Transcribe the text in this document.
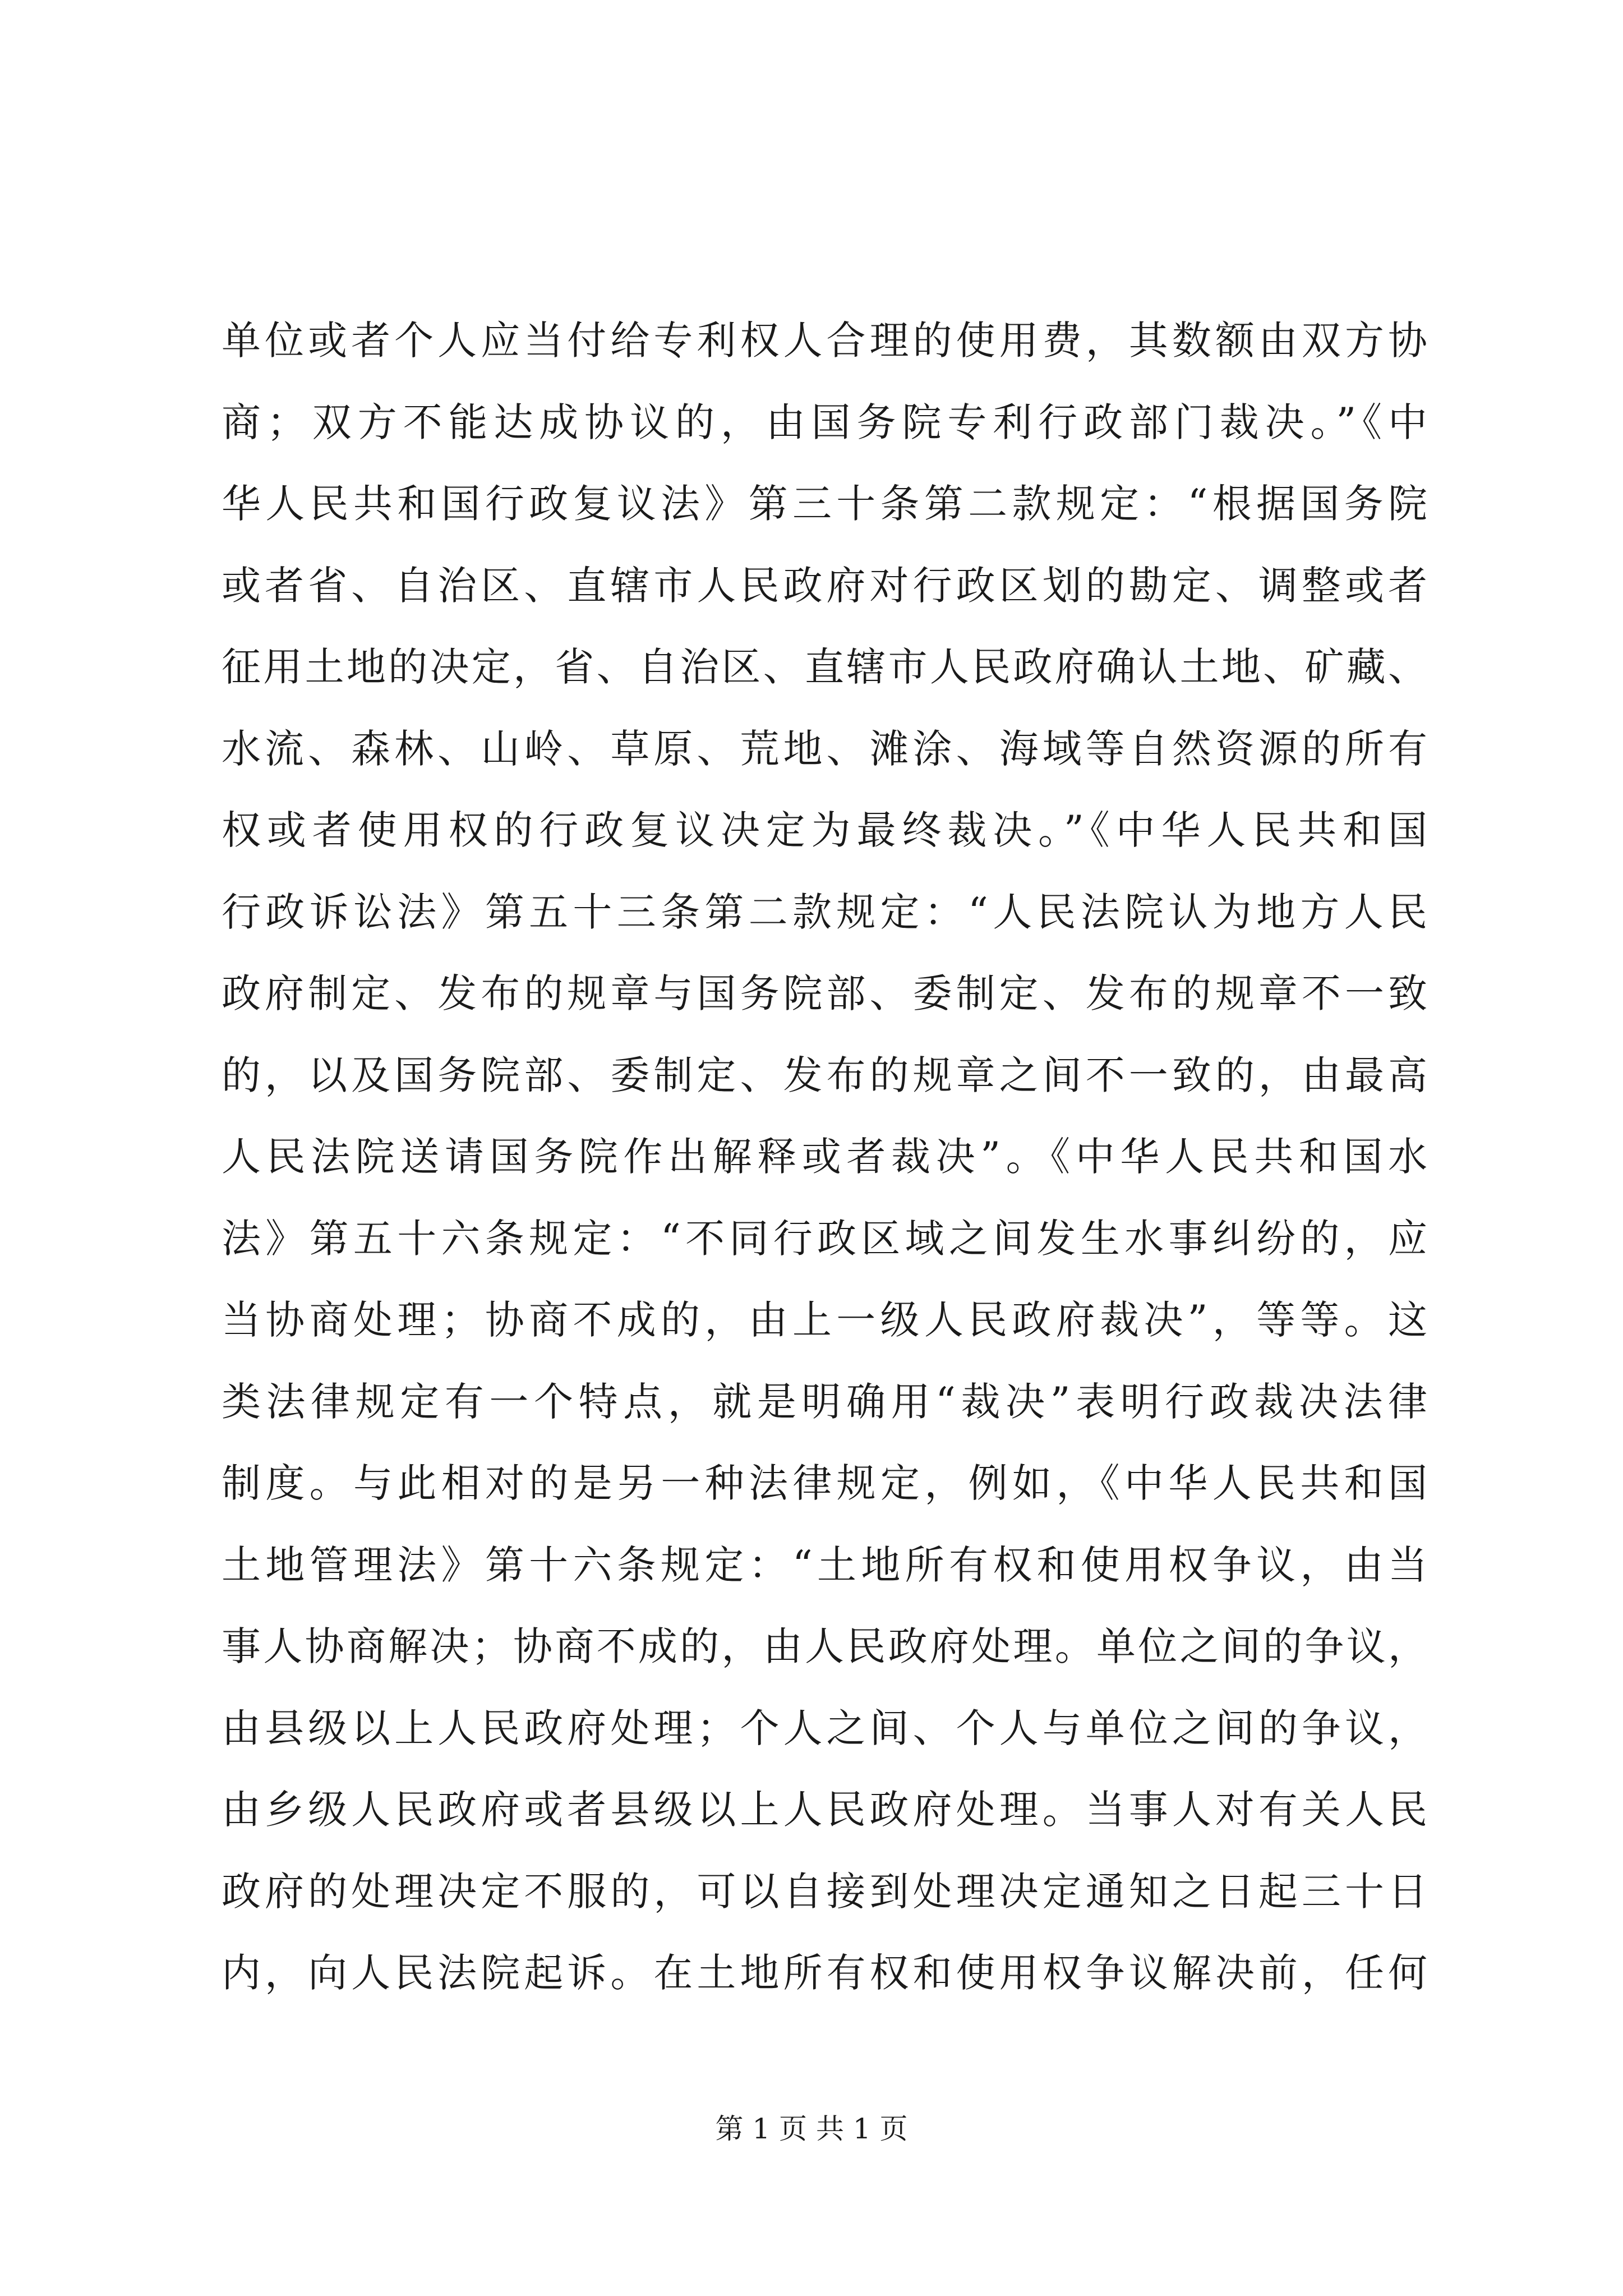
单位或者个人应当付给专利权人合理的使用费，其数额由双方协
商；双方不能达成协议的，由国务院专利行政部门裁决。”《中
华人民共和国行政复议法》第三十条第二款规定：“根据国务院
或者省、自治区、直辖市人民政府对行政区划的勘定、调整或者
征用土地的决定，省、自治区、直辖市人民政府确认土地、矿藏、
水流、森林、山岭、草原、荒地、滩涂、海域等自然资源的所有
权或者使用权的行政复议决定为最终裁决。”《中华人民共和国
行政诉讼法》第五十三条第二款规定：“人民法院认为地方人民
政府制定、发布的规章与国务院部、委制定、发布的规章不一致
的，以及国务院部、委制定、发布的规章之间不一致的，由最高
人民法院送请国务院作出解释或者裁决”。《中华人民共和国水
法》第五十六条规定：“不同行政区域之间发生水事纠纷的，应
当协商处理；协商不成的，由上一级人民政府裁决”，等等。这
类法律规定有一个特点，就是明确用“裁决”表明行政裁决法律
制度。与此相对的是另一种法律规定，例如，《中华人民共和国
土地管理法》第十六条规定：“土地所有权和使用权争议，由当
事人协商解决；协商不成的，由人民政府处理。单位之间的争议，
由县级以上人民政府处理；个人之间、个人与单位之间的争议，
由乡级人民政府或者县级以上人民政府处理。当事人对有关人民
政府的处理决定不服的，可以自接到处理决定通知之日起三十日
内，向人民法院起诉。在土地所有权和使用权争议解决前，任何
第 1 页 共 1 页
